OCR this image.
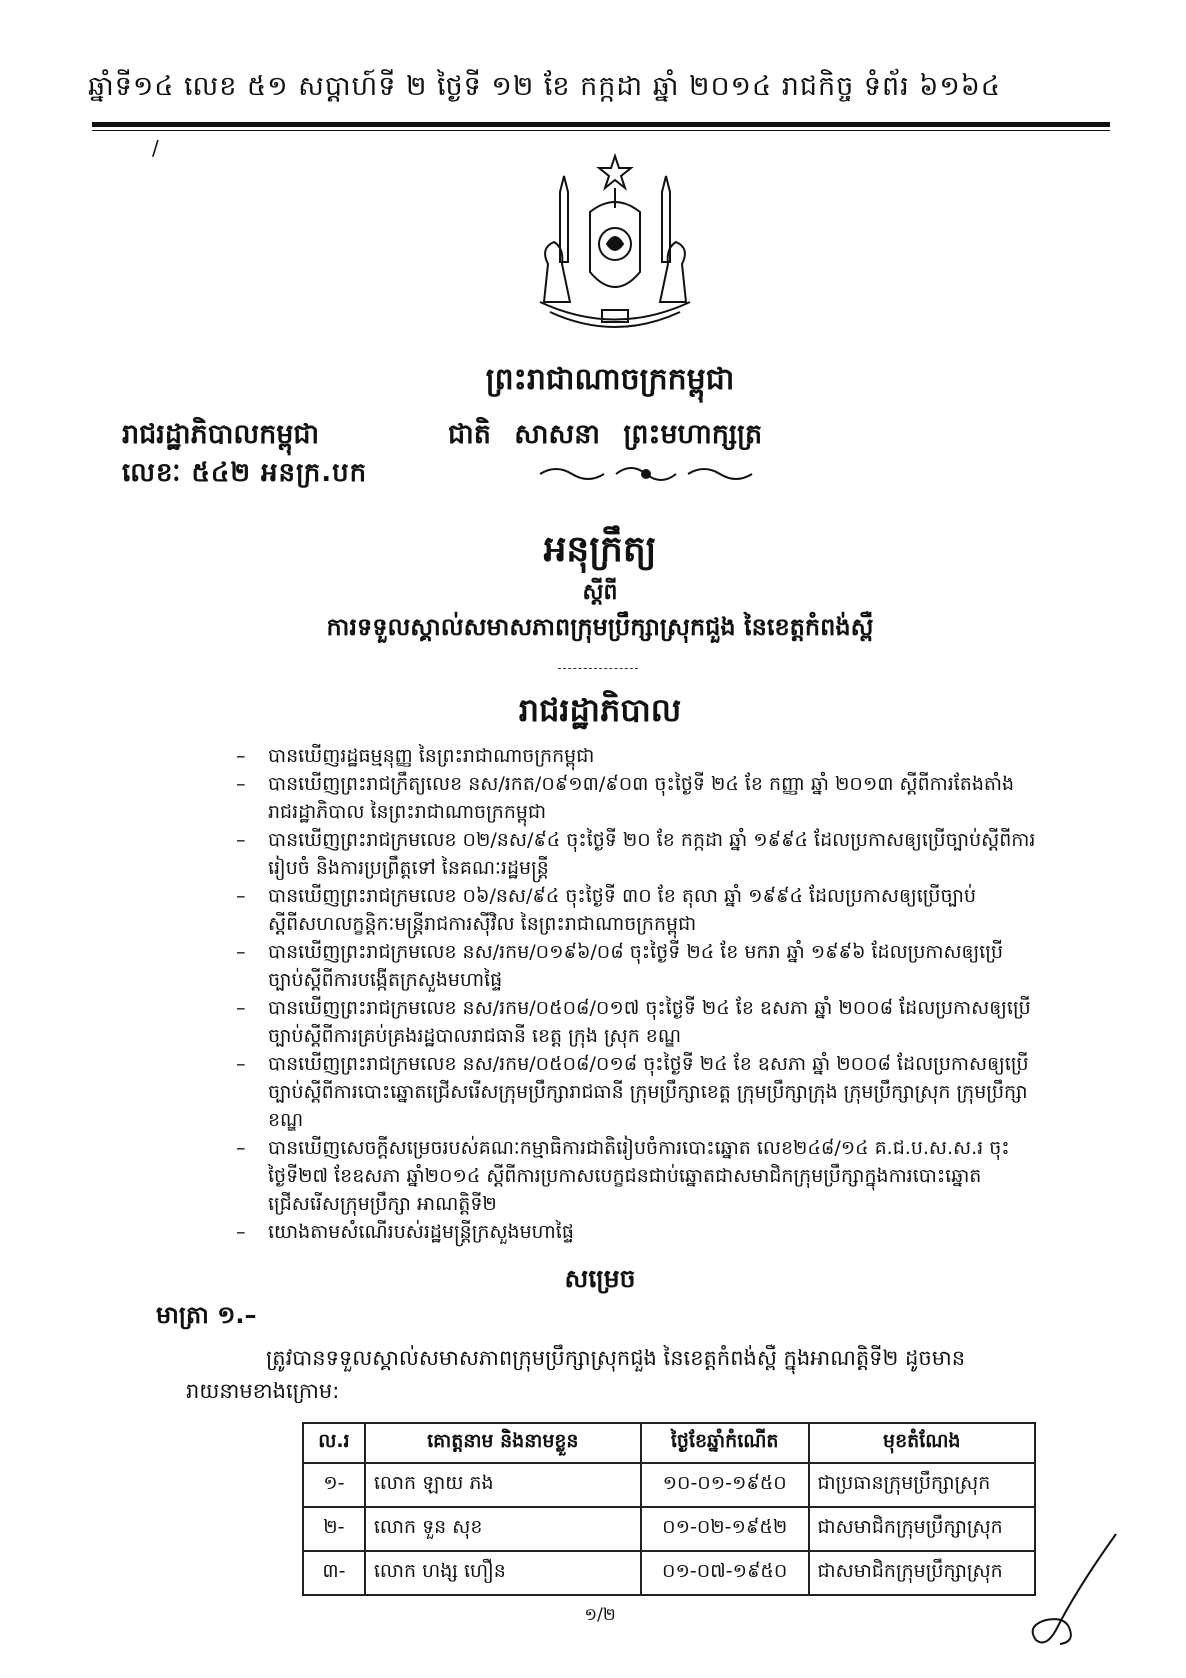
ឆ្នាំទី១៤ លេខ ៥១ សប្តាហ៍ទី ២ ថ្ងៃទី ១២ ខែ កក្កដា ឆ្នាំ ២០១៤ រាជកិច្ច ទំព័រ ៦១៦៤
/
ព្រះរាជាណាចក្រកម្ពុជា
រាជរដ្ឋាភិបាលកម្ពុជា	ជាតិ សាសនា ព្រះមហាក្សត្រ
លេខៈ ៥៤២ អនក្រ.បក
អនុក្រឹត្យ
ស្តីពី
ការទទួលស្គាល់សមាសភាពក្រុមប្រឹក្សាស្រុកជួង នៃខេត្តកំពង់ស្ពឺ
រាជរដ្ឋាភិបាល
– បានឃើញរដ្ឋធម្មនុញ្ញ នៃព្រះរាជាណាចក្រកម្ពុជា
– បានឃើញព្រះរាជក្រឹត្យលេខ នស/រកត/០៩១៣/៩០៣ ចុះថ្ងៃទី ២៤ ខែ កញ្ញា ឆ្នាំ ២០១៣ ស្តីពីការតែងតាំងរាជរដ្ឋាភិបាល នៃព្រះរាជាណាចក្រកម្ពុជា
– បានឃើញព្រះរាជក្រមលេខ ០២/នស/៩៤ ចុះថ្ងៃទី ២០ ខែ កក្កដា ឆ្នាំ ១៩៩៤ ដែលប្រកាសឲ្យប្រើច្បាប់ស្តីពីការរៀបចំ និងការប្រព្រឹត្តទៅ នៃគណៈរដ្ឋមន្ត្រី
– បានឃើញព្រះរាជក្រមលេខ ០៦/នស/៩៤ ចុះថ្ងៃទី ៣០ ខែ តុលា ឆ្នាំ ១៩៩៤ ដែលប្រកាសឲ្យប្រើច្បាប់ស្តីពីសហលក្ខន្តិកៈមន្ត្រីរាជការស៊ីវិល នៃព្រះរាជាណាចក្រកម្ពុជា
– បានឃើញព្រះរាជក្រមលេខ នស/រកម/០១៩៦/០៨ ចុះថ្ងៃទី ២៤ ខែ មករា ឆ្នាំ ១៩៩៦ ដែលប្រកាសឲ្យប្រើច្បាប់ស្តីពីការបង្កើតក្រសួងមហាផ្ទៃ
– បានឃើញព្រះរាជក្រមលេខ នស/រកម/០៥០៨/០១៧ ចុះថ្ងៃទី ២៤ ខែ ឧសភា ឆ្នាំ ២០០៨ ដែលប្រកាសឲ្យប្រើច្បាប់ស្តីពីការគ្រប់គ្រងរដ្ឋបាលរាជធានី ខេត្ត ក្រុង ស្រុក ខណ្ឌ
– បានឃើញព្រះរាជក្រមលេខ នស/រកម/០៥០៨/០១៨ ចុះថ្ងៃទី ២៤ ខែ ឧសភា ឆ្នាំ ២០០៨ ដែលប្រកាសឲ្យប្រើច្បាប់ស្តីពីការបោះឆ្នោតជ្រើសរើសក្រុមប្រឹក្សារាជធានី ក្រុមប្រឹក្សាខេត្ត ក្រុមប្រឹក្សាក្រុង ក្រុមប្រឹក្សាស្រុក ក្រុមប្រឹក្សាខណ្ឌ
– បានឃើញសេចក្តីសម្រេចរបស់គណៈកម្មាធិការជាតិរៀបចំការបោះឆ្នោត លេខ២៤៨/១៤ គ.ជ.ប.ស.ស.រ ចុះថ្ងៃទី២៧ ខែឧសភា ឆ្នាំ២០១៤ ស្តីពីការប្រកាសបេក្ខជនជាប់ឆ្នោតជាសមាជិកក្រុមប្រឹក្សាក្នុងការបោះឆ្នោតជ្រើសរើសក្រុមប្រឹក្សា អាណត្តិទី២
– យោងតាមសំណើរបស់រដ្ឋមន្ត្រីក្រសួងមហាផ្ទៃ
សម្រេច
មាត្រា ១.–
ត្រូវបានទទួលស្គាល់សមាសភាពក្រុមប្រឹក្សាស្រុកជួង នៃខេត្តកំពង់ស្ពឺ ក្នុងអាណត្តិទី២ ដូចមាន
រាយនាមខាងក្រោម:
ល.រ	គោត្តនាម និងនាមខ្លួន	ថ្ងៃខែឆ្នាំកំណើត	មុខតំណែង
១-	លោក ឡាយ ភង	១០-០១-១៩៥០	ជាប្រធានក្រុមប្រឹក្សាស្រុក
២-	លោក ទួន សុខ	០១-០២-១៩៥២	ជាសមាជិកក្រុមប្រឹក្សាស្រុក
៣-	លោក ហង្ស ហឿន	០១-០៧-១៩៥០	ជាសមាជិកក្រុមប្រឹក្សាស្រុក
១/២
